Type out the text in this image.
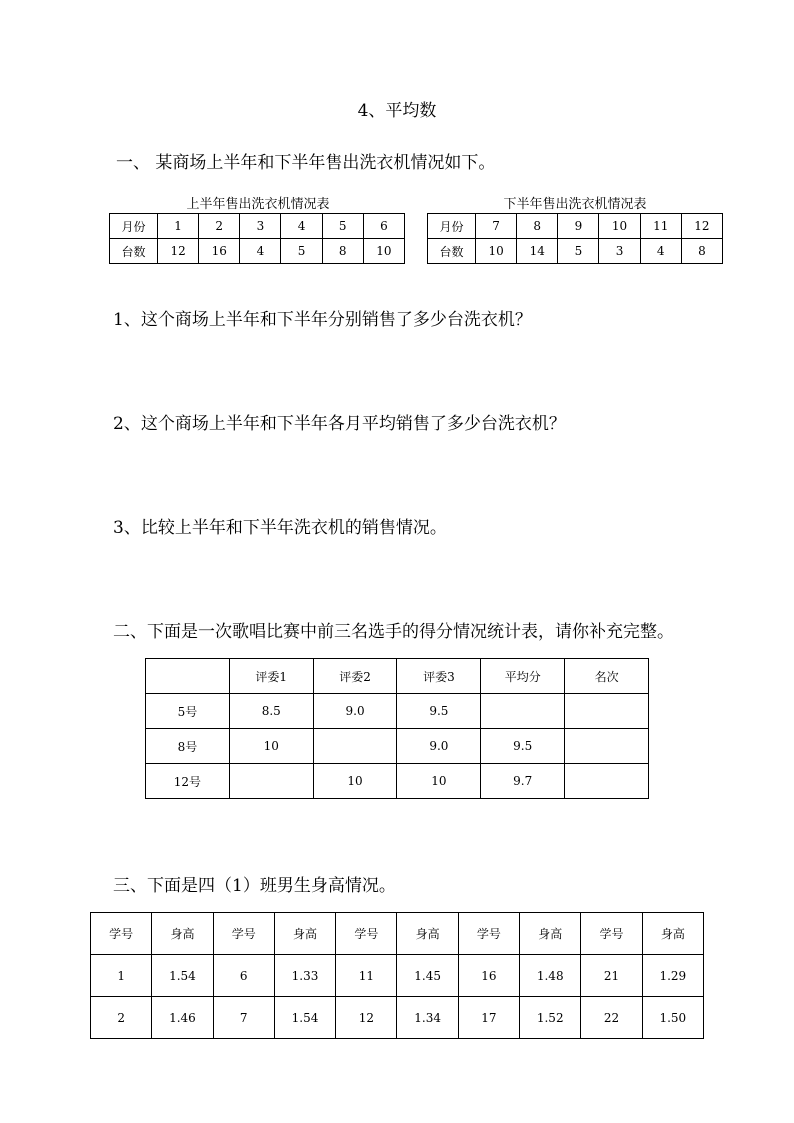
4、平均数
一、 某商场上半年和下半年售出洗衣机情况如下。
上半年售出洗衣机情况表	下半年售出洗衣机情况表
月份	1	2	3	4	5	6
台数	12	16	4	5	8	10
月份	7	8	9	10	11	12
台数	10	14	5	3	4	8
1、这个商场上半年和下半年分别销售了多少台洗衣机？
2、这个商场上半年和下半年各月平均销售了多少台洗衣机？
3、比较上半年和下半年洗衣机的销售情况。
二、下面是一次歌唱比赛中前三名选手的得分情况统计表，请你补充完整。
	评委1	评委2	评委3	平均分	名次
5号	8.5	9.0	9.5		
8号	10		9.0	9.5	
12号		10	10	9.7	
三、下面是四（1）班男生身高情况。
学号	身高	学号	身高	学号	身高	学号	身高	学号	身高
1	1.54	6	1.33	11	1.45	16	1.48	21	1.29
2	1.46	7	1.54	12	1.34	17	1.52	22	1.50
